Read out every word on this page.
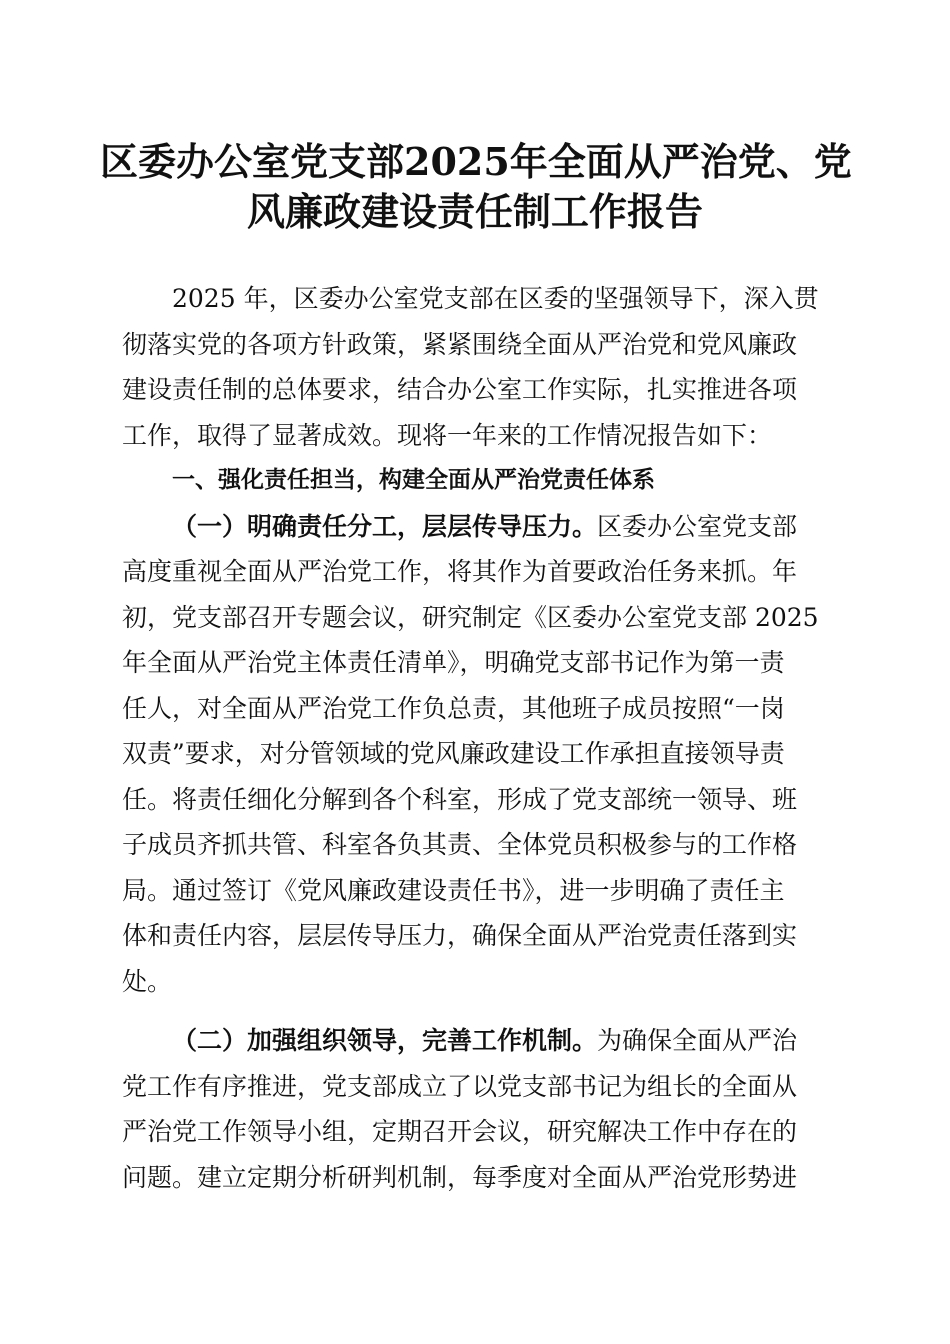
区委办公室党支部2025年全面从严治党、党
风廉政建设责任制工作报告
2025 年，区委办公室党支部在区委的坚强领导下，深入贯
彻落实党的各项方针政策，紧紧围绕全面从严治党和党风廉政
建设责任制的总体要求，结合办公室工作实际，扎实推进各项
工作，取得了显著成效。现将一年来的工作情况报告如下：
一、强化责任担当，构建全面从严治党责任体系
（一）明确责任分工，层层传导压力。区委办公室党支部
高度重视全面从严治党工作，将其作为首要政治任务来抓。年
初，党支部召开专题会议，研究制定《区委办公室党支部 2025
年全面从严治党主体责任清单》，明确党支部书记作为第一责
任人，对全面从严治党工作负总责，其他班子成员按照“一岗
双责”要求，对分管领域的党风廉政建设工作承担直接领导责
任。将责任细化分解到各个科室，形成了党支部统一领导、班
子成员齐抓共管、科室各负其责、全体党员积极参与的工作格
局。通过签订《党风廉政建设责任书》，进一步明确了责任主
体和责任内容，层层传导压力，确保全面从严治党责任落到实
处。
（二）加强组织领导，完善工作机制。为确保全面从严治
党工作有序推进，党支部成立了以党支部书记为组长的全面从
严治党工作领导小组，定期召开会议，研究解决工作中存在的
问题。建立定期分析研判机制，每季度对全面从严治党形势进
